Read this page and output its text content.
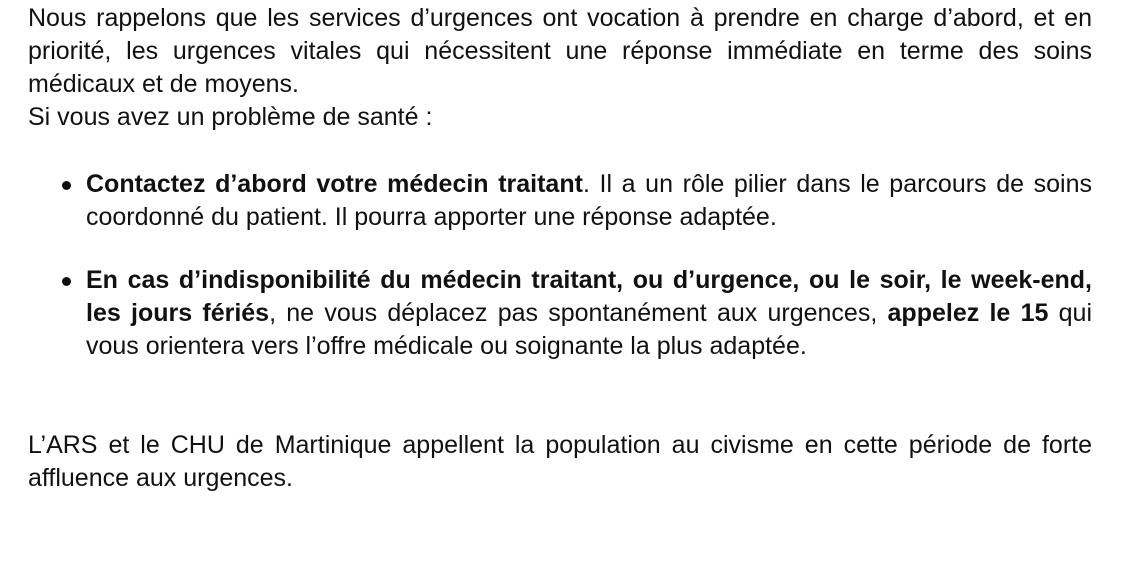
Nous rappelons que les services d’urgences ont vocation à prendre en charge d’abord, et en priorité, les urgences vitales qui nécessitent une réponse immédiate en terme des soins médicaux et de moyens.

Si vous avez un problème de santé :

Contactez d’abord votre médecin traitant. Il a un rôle pilier dans le parcours de soins coordonné du patient. Il pourra apporter une réponse adaptée.
En cas d’indisponibilité du médecin traitant, ou d’urgence, ou le soir, le week-end, les jours fériés, ne vous déplacez pas spontanément aux urgences, appelez le 15 qui vous orientera vers l’offre médicale ou soignante la plus adaptée.

L’ARS et le CHU de Martinique appellent la population au civisme en cette période de forte affluence aux urgences.
